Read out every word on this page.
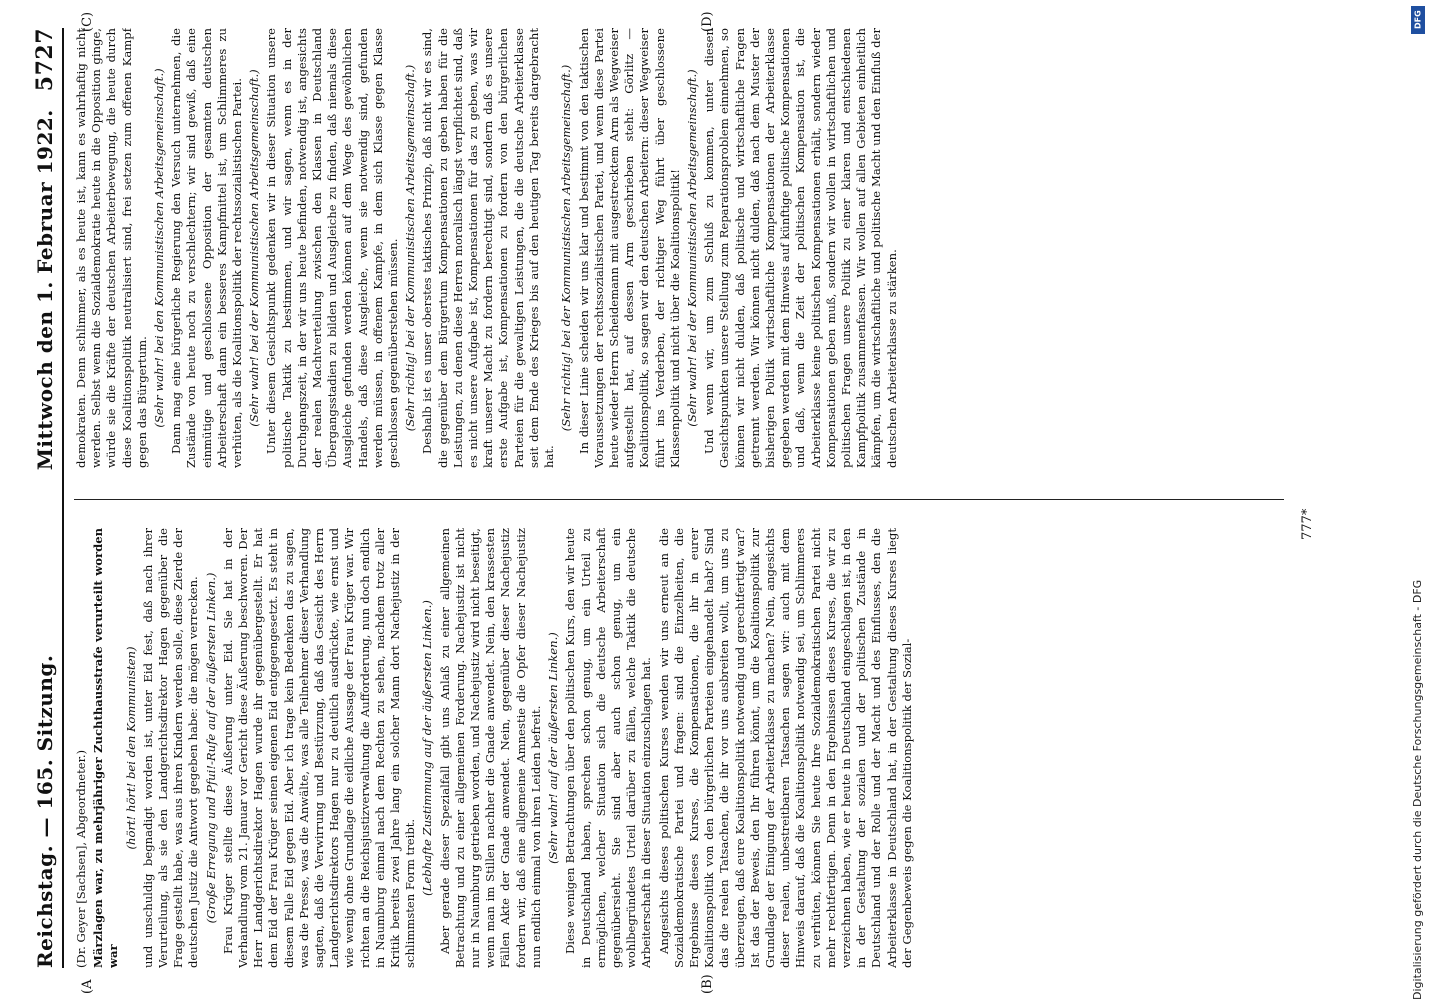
Reichstag. — 165. Sitzung.
Mittwoch den 1. Februar 1922.
5727
(A	(B)
(C)	(D)

(Dr. Geyer [Sachsen], Abgeordneter.) Märzlagen war, zu mehrjähriger Zuchthausstrafe verurteilt worden war

(hört! hört! bei den Kommunisten) und unschuldig begnadigt worden ist, unter Eid fest, daß nach ihrer Verurteilung, als sie den Landgerichtsdirektor Hagen gegenüber die Frage gestellt habe, was aus ihren Kindern werden solle, diese Zierde der deutschen Justiz die Antwort gegeben habe: die mögen verrecken. (Große Erregung und Pfui!-Rufe auf der äußersten Linken.) Frau Krüger stellte diese Äußerung unter Eid. Sie hat in der Verhandlung vom 21. Januar vor Gericht diese Äußerung beschworen. Der Herr Landgerichtsdirektor Hagen wurde ihr gegenübergestellt. Er hat dem Eid der Frau Krüger seinen eigenen Eid entgegengesetzt. Es steht in diesem Falle Eid gegen Eid. Aber ich trage kein Bedenken das zu sagen, was die Presse, was die Anwälte, was alle Teilnehmer dieser Verhandlung sagten, daß die Verwirrung und Bestürzung, daß das Gesicht des Herrn Landgerichtsdirektors Hagen nur zu deutlich ausdrückte, wie ernst und wie wenig ohne Grundlage die eidliche Aussage der Frau Krüger war. Wir richten an die Reichsjustizverwaltung die Aufforderung, nun doch endlich in Naumburg einmal nach dem Rechten zu sehen, nachdem trotz aller Kritik bereits zwei Jahre lang ein solcher Mann dort Nachejustiz in der schlimmsten Form treibt. (Lebhafte Zustimmung auf der äußersten Linken.) Aber gerade dieser Spezialfall gibt uns Anlaß zu einer allgemeinen Betrachtung und zu einer allgemeinen Forderung. Nachejustiz ist nicht nur in Naumburg getrieben worden, und Nachejustiz wird nicht beseitigt, wenn man im Stillen nachher die Gnade anwendet. Nein, den krassesten Fällen Akte der Gnade anwendet. Nein, gegenüber dieser Nachejustiz fordern wir, daß eine allgemeine Amnestie die Opfer dieser Nachejustiz nun endlich einmal von ihren Leiden befreit. (Sehr wahr! auf der äußersten Linken.) Diese wenigen Betrachtungen über den politischen Kurs, den wir heute in Deutschland haben, sprechen schon genug, um ein Urteil zu ermöglichen, welcher Situation sich die deutsche Arbeiterschaft gegenübersieht. Sie sind aber auch schon genug, um ein wohlbegründetes Urteil darüber zu fällen, welche Taktik die deutsche Arbeiterschaft in dieser Situation einzuschlagen hat. Angesichts dieses politischen Kurses wenden wir uns erneut an die Sozialdemokratische Partei und fragen: sind die Einzelheiten, die Ergebnisse dieses Kurses, die Kompensationen, die ihr in eurer Koalitionspolitik von den bürgerlichen Parteien eingehandelt habt? Sind das die realen Tatsachen, die ihr vor uns ausbreiten wollt, um uns zu überzeugen, daß eure Koalitionspolitik notwendig und gerechtfertigt war? Ist das der Beweis, den Ihr führen könnt, um die Koalitionspolitik zur Grundlage der Einigung der Arbeiterklasse zu machen? Nein, angesichts dieser realen, unbestreitbaren Tatsachen sagen wir: auch mit dem Hinweis darauf, daß die Koalitionspolitik notwendig sei, um Schlimmeres zu verhüten, können Sie heute Ihre Sozialdemokratischen Partei nicht mehr rechtfertigen. Denn in den Ergebnissen dieses Kurses, die wir zu verzeichnen haben, wie er heute in Deutschland eingeschlagen ist, in den in der Gestaltung der sozialen und der politischen Zustände in Deutschland und der Rolle und der Macht und des Einflusses, den die Arbeiterklasse in Deutschland hat, in der Gestaltung dieses Kurses liegt der Gegenbeweis gegen die Koalitionspolitik der Sozial-

demokraten. Denn schlimmer, als es heute ist, kann es wahrhaftig nicht werden. Selbst wenn die Sozialdemokratie heute in die Opposition ginge, würde sie die Kräfte der deutschen Arbeiterbewegung, die heute durch diese Koalitionspolitik neutralisiert sind, frei setzen zum offenen Kampf gegen das Bürgertum. (Sehr wahr! bei den Kommunistischen Arbeitsgemeinschaft.) Dann mag eine bürgerliche Regierung den Versuch unternehmen, die Zustände von heute noch zu verschlechtern; wir sind gewiß, daß eine einmütige und geschlossene Opposition der gesamten deutschen Arbeiterschaft dann ein besseres Kampfmittel ist, um Schlimmeres zu verhüten, als die Koalitionspolitik der rechtssozialistischen Partei. (Sehr wahr! bei der Kommunistischen Arbeitsgemeinschaft.) Unter diesem Gesichtspunkt gedenken wir in dieser Situation unsere politische Taktik zu bestimmen, und wir sagen, wenn es in der Durchgangszeit, in der wir uns heute befinden, notwendig ist, angesichts der realen Machtverteilung zwischen den Klassen in Deutschland Übergangsstadien zu bilden und Ausgleiche zu finden, daß niemals diese Ausgleiche gefunden werden können auf dem Wege des gewöhnlichen Handels, daß diese Ausgleiche, wenn sie notwendig sind, gefunden werden müssen, in offenem Kampfe, in dem sich Klasse gegen Klasse geschlossen gegenüberstehen müssen. (Sehr richtig! bei der Kommunistischen Arbeitsgemeinschaft.) Deshalb ist es unser oberstes taktisches Prinzip, daß nicht wir es sind, die gegenüber dem Bürgertum Kompensationen zu geben haben für die Leistungen, zu denen diese Herren moralisch längst verpflichtet sind, daß es nicht unsere Aufgabe ist, Kompensationen für das zu geben, was wir kraft unserer Macht zu fordern berechtigt sind, sondern daß es unsere erste Aufgabe ist, Kompensationen zu fordern von den bürgerlichen Parteien für die gewaltigen Leistungen, die die deutsche Arbeiterklasse seit dem Ende des Krieges bis auf den heutigen Tag bereits dargebracht hat.

(Sehr richtig! bei der Kommunistischen Arbeitsgemeinschaft.) In dieser Linie scheiden wir uns klar und bestimmt von den taktischen Voraussetzungen der rechtssozialistischen Partei, und wenn diese Partei heute wieder Herrn Scheidemann mit ausgestrecktem Arm als Wegweiser aufgestellt hat, auf dessen Arm geschrieben steht: Görlitz — Koalitionspolitik, so sagen wir den deutschen Arbeitern: dieser Wegweiser führt ins Verderben, der richtiger Weg führt über geschlossene Klassenpolitik und nicht über die Koalitionspolitik! (Sehr wahr! bei der Kommunistischen Arbeitsgemeinschaft.) Und wenn wir, um zum Schluß zu kommen, unter diesen Gesichtspunkten unsere Stellung zum Reparationsproblem einnehmen, so können wir nicht dulden, daß politische und wirtschaftliche Fragen getrennt werden. Wir können nicht dulden, daß nach dem Muster der bisherigen Politik wirtschaftliche Kompensationen der Arbeiterklasse gegeben werden mit dem Hinweis auf künftige politische Kompensationen und daß, wenn die Zeit der politischen Kompensation ist, die Arbeiterklasse keine politischen Kompensationen erhält, sondern wieder Kompensationen geben muß, sondern wir wollen in wirtschaftlichen und politischen Fragen unsere Politik zu einer klaren und entschiedenen Kampfpolitik zusammenfassen. Wir wollen auf allen Gebieten einheitlich kämpfen, um die wirtschaftliche und politische Macht und den Einfluß der deutschen Arbeiterklasse zu stärken.

777*
Digitalisierung gefördert durch die Deutsche Forschungsgemeinschaft - DFG
DFG
